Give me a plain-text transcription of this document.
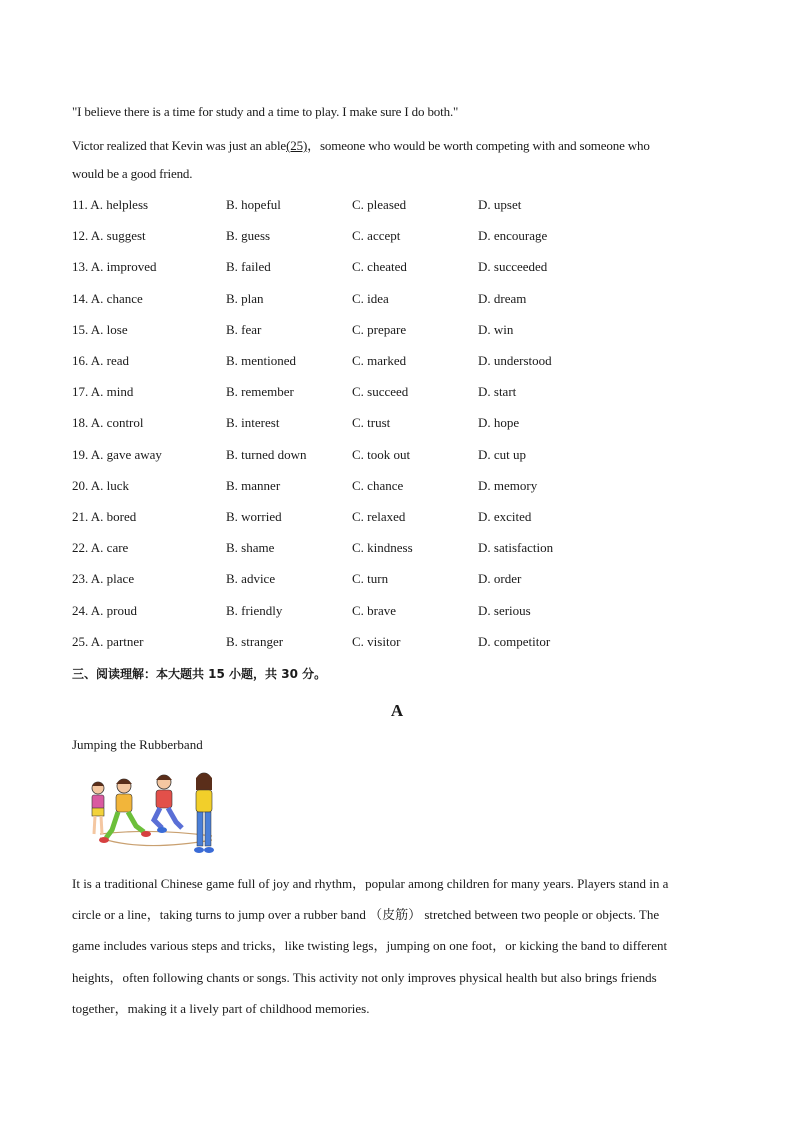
"I believe there is a time for study and a time to play. I make sure I do both."
Victor realized that Kevin was just an able(25)，someone who would be worth competing with and someone who
would be a good friend.
11. A. helpless	B. hopeful	C. pleased	D. upset
12. A. suggest	B. guess	C. accept	D. encourage
13. A. improved	B. failed	C. cheated	D. succeeded
14. A. chance	B. plan	C. idea	D. dream
15. A. lose	B. fear	C. prepare	D. win
16. A. read	B. mentioned	C. marked	D. understood
17. A. mind	B. remember	C. succeed	D. start
18. A. control	B. interest	C. trust	D. hope
19. A. gave away	B. turned down	C. took out	D. cut up
20. A. luck	B. manner	C. chance	D. memory
21. A. bored	B. worried	C. relaxed	D. excited
22. A. care	B. shame	C. kindness	D. satisfaction
23. A. place	B. advice	C. turn	D. order
24. A. proud	B. friendly	C. brave	D. serious
25. A. partner	B. stranger	C. visitor	D. competitor
三、阅读理解：本大题共 15 小题，共 30 分。
A
Jumping the Rubberband
It is a traditional Chinese game full of joy and rhythm，popular among children for many years. Players stand in a
circle or a line，taking turns to jump over a rubber band （皮筋） stretched between two people or objects. The
game includes various steps and tricks，like twisting legs，jumping on one foot，or kicking the band to different
heights，often following chants or songs. This activity not only improves physical health but also brings friends
together，making it a lively part of childhood memories.
